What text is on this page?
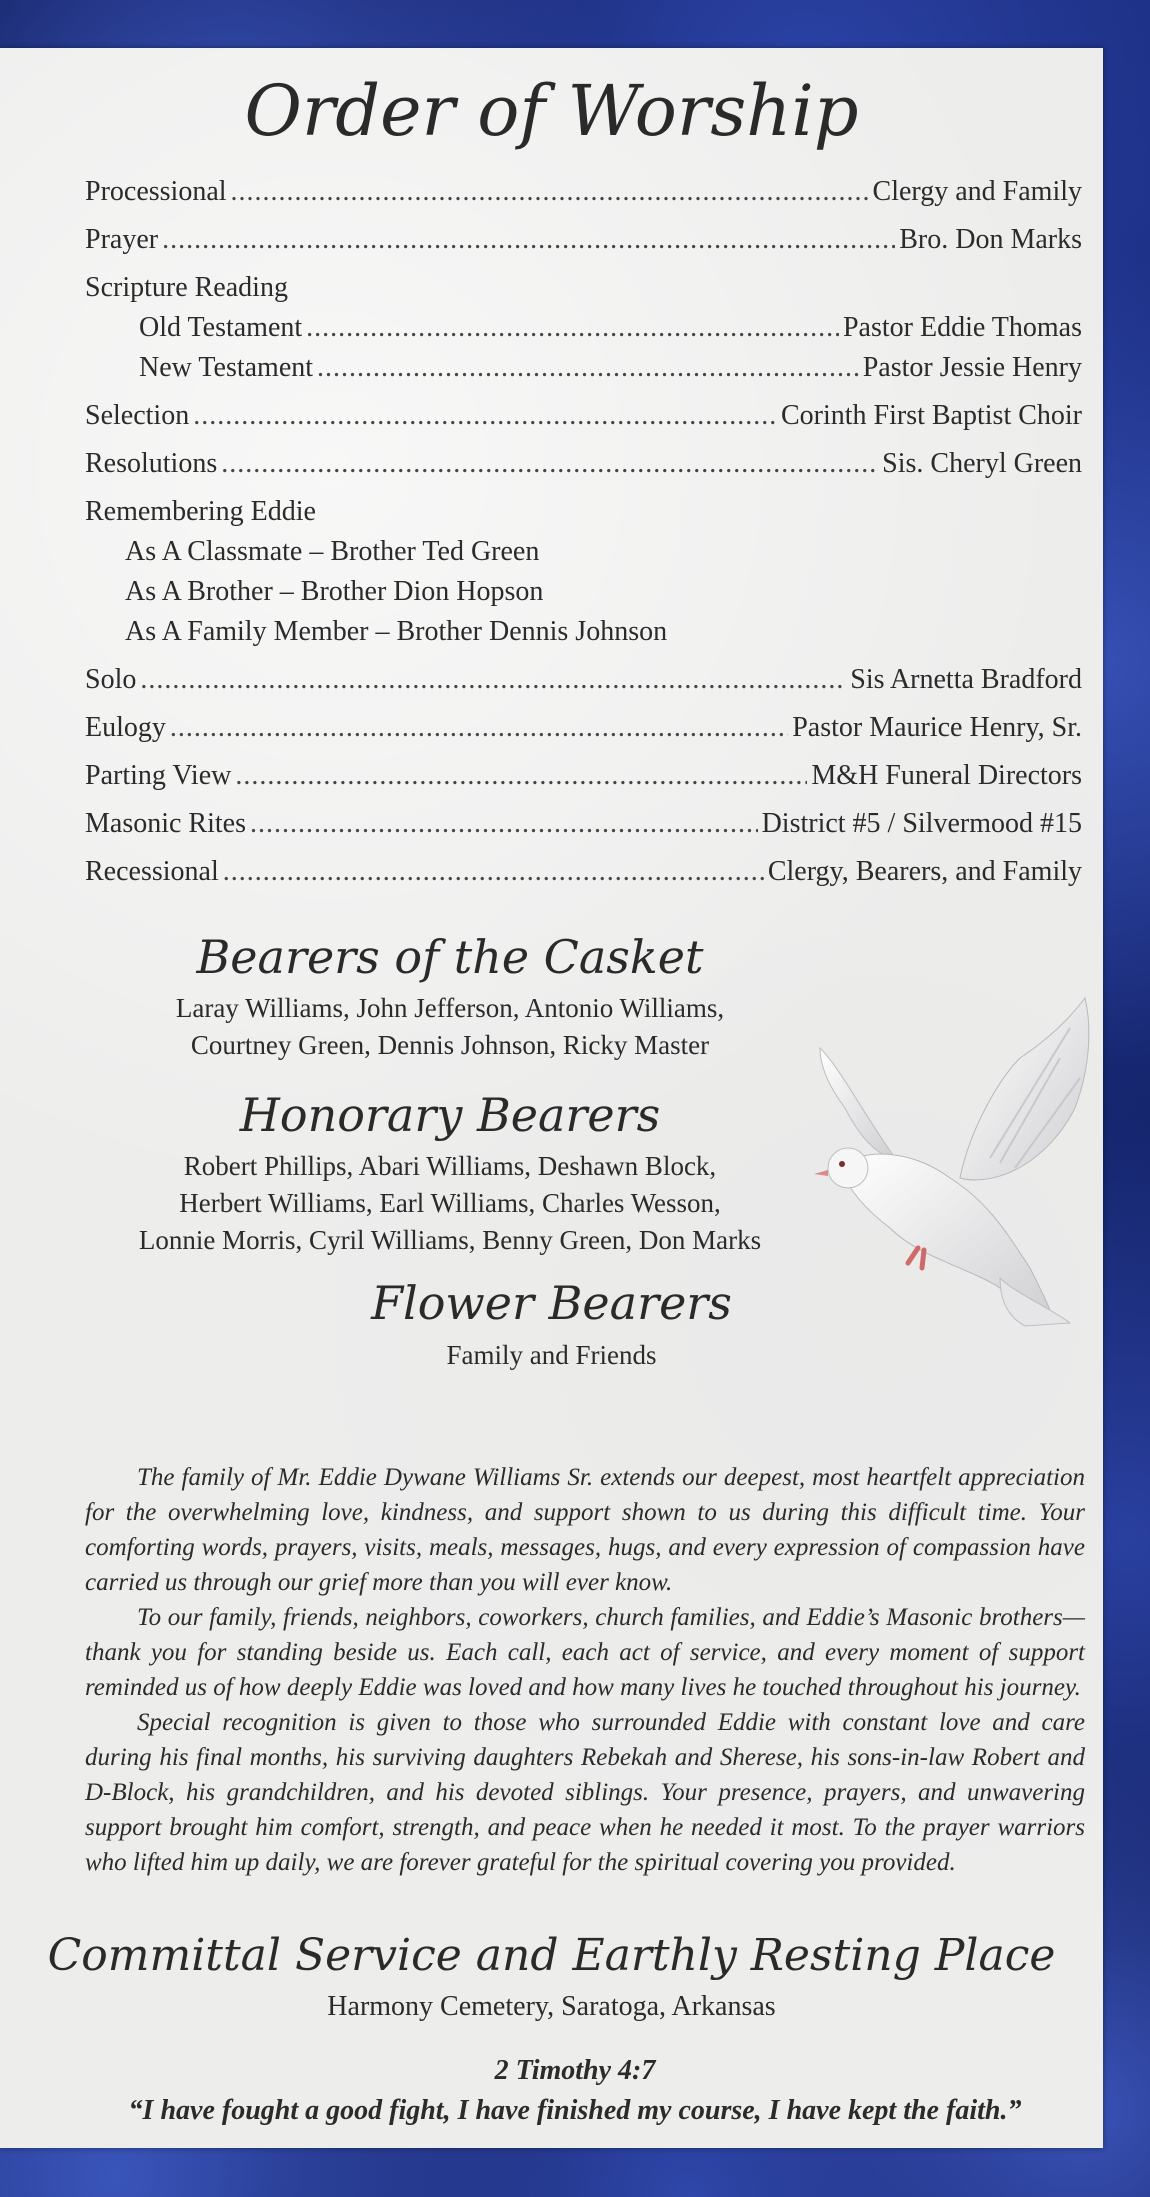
Order of Worship
Processional .....	Clergy and Family
Prayer .....	Bro. Don Marks
Scripture Reading
Old Testament .....	Pastor Eddie Thomas
New Testament .....	Pastor Jessie Henry
Selection .....	Corinth First Baptist Choir
Resolutions .....	Sis. Cheryl Green
Remembering Eddie
As A Classmate – Brother Ted Green
As A Brother – Brother Dion Hopson
As A Family Member – Brother Dennis Johnson
Solo .....	Sis Arnetta Bradford
Eulogy .....	Pastor Maurice Henry, Sr.
Parting View .....	M&H Funeral Directors
Masonic Rites .....	District #5 / Silvermood #15
Recessional .....	Clergy, Bearers, and Family
Bearers of the Casket
Laray Williams, John Jefferson, Antonio Williams,
Courtney Green, Dennis Johnson, Ricky Master
Honorary Bearers
Robert Phillips, Abari Williams, Deshawn Block,
Herbert Williams, Earl Williams, Charles Wesson,
Lonnie Morris, Cyril Williams, Benny Green, Don Marks
Flower Bearers
Family and Friends

The family of Mr. Eddie Dywane Williams Sr. extends our deepest, most heartfelt appreciation for the overwhelming love, kindness, and support shown to us during this difficult time. Your comforting words, prayers, visits, meals, messages, hugs, and every expression of compassion have carried us through our grief more than you will ever know.

To our family, friends, neighbors, coworkers, church families, and Eddie’s Masonic brothers—thank you for standing beside us. Each call, each act of service, and every moment of support reminded us of how deeply Eddie was loved and how many lives he touched throughout his journey.

Special recognition is given to those who surrounded Eddie with constant love and care during his final months, his surviving daughters Rebekah and Sherese, his sons-in-law Robert and D-Block, his grandchildren, and his devoted siblings. Your presence, prayers, and unwavering support brought him comfort, strength, and peace when he needed it most. To the prayer warriors who lifted him up daily, we are forever grateful for the spiritual covering you provided.

Committal Service and Earthly Resting Place
Harmony Cemetery, Saratoga, Arkansas
2 Timothy 4:7
“I have fought a good fight, I have finished my course, I have kept the faith.”
